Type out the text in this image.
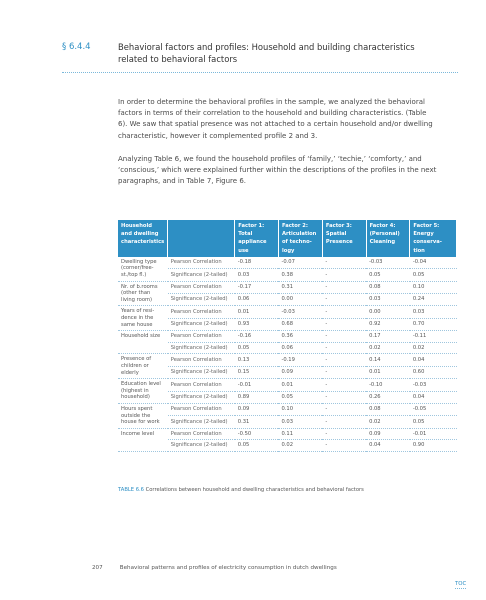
§ 6.4.4	Behavioral factors and profiles: Household and building characteristics related to behavioral factors

In order to determine the behavioral profiles in the sample, we analyzed the behavioral factors in terms of their correlation to the household and building characteristics. (Table 6). We saw that spatial presence was not attached to a certain household and/or dwelling characteristic, however it complemented profile 2 and 3.

Analyzing Table 6, we found the household profiles of ‘family,’ ‘techie,’ ‘comforty,’ and ‘conscious,’ which were explained further within the descriptions of the profiles in the next paragraphs, and in Table 7, Figure 6.

Household and dwelling characteristics		Factor 1: Total appliance use	Factor 2: Articulation of techno-logy	Factor 3: Spatial Presence	Factor 4: (Personal) Cleaning	Factor 5: Energy conserva-tion
Dwelling type (corner/free-st./top fl.)	Pearson Correlation	-0.18	-0.07	-	-0.03	-0.04
	Significance (2-tailed)	0.03	0.38	-	0.05	0.05
Nr. of b.rooms (other than living room)	Pearson Correlation	-0.17	0.31	-	0.08	0.10
	Significance (2-tailed)	0.06	0.00	-	0.03	0.24
Years of resi-dence in the same house	Pearson Correlation	0.01	-0.03	-	0.00	0.03
	Significance (2-tailed)	0.93	0.68	-	0.92	0.70
Household size	Pearson Correlation	-0.16	0.36	-	0.17	-0.11
	Significance (2-tailed)	0.05	0.06	-	0.02	0.02
Presence of children or elderly	Pearson Correlation	0.13	-0.19	-	0.14	0.04
	Significance (2-tailed)	0.15	0.09	-	0.01	0.60
Education level (highest in household)	Pearson Correlation	-0.01	0.01	-	-0.10	-0.03
	Significance (2-tailed)	0.89	0.05	-	0.26	0.04
Hours spent outside the house for work	Pearson Correlation	0.09	0.10	-	0.08	-0.05
	Significance (2-tailed)	0.31	0.03	-	0.02	0.05
Income level	Pearson Correlation	-0.50	0.11	-	0.09	-0.01
	Significance (2-tailed)	0.05	0.02	-	0.04	0.90
TABLE 6.6 Correlations between household and dwelling characteristics and behavioral factors
207	Behavioral patterns and profiles of electricity consumption in dutch dwellings
TOC
